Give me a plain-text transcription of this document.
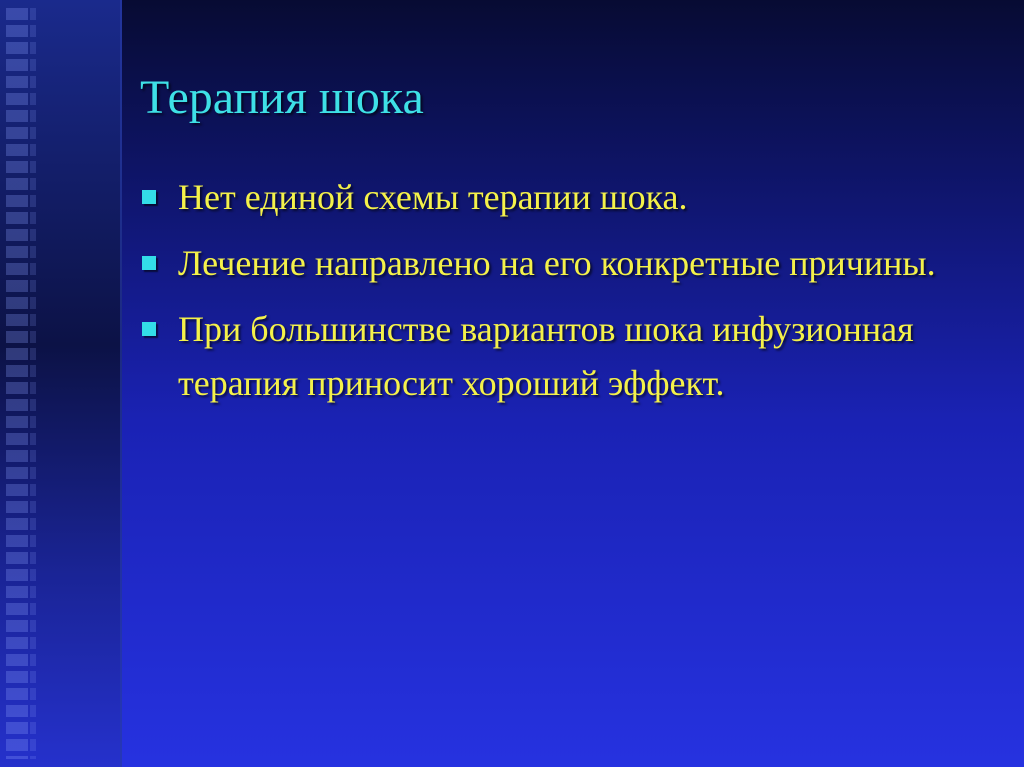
Терапия шока
Нет единой схемы терапии шока.
Лечение направлено на его конкретные причины.
При большинстве вариантов шока инфузионная терапия приносит хороший эффект.
